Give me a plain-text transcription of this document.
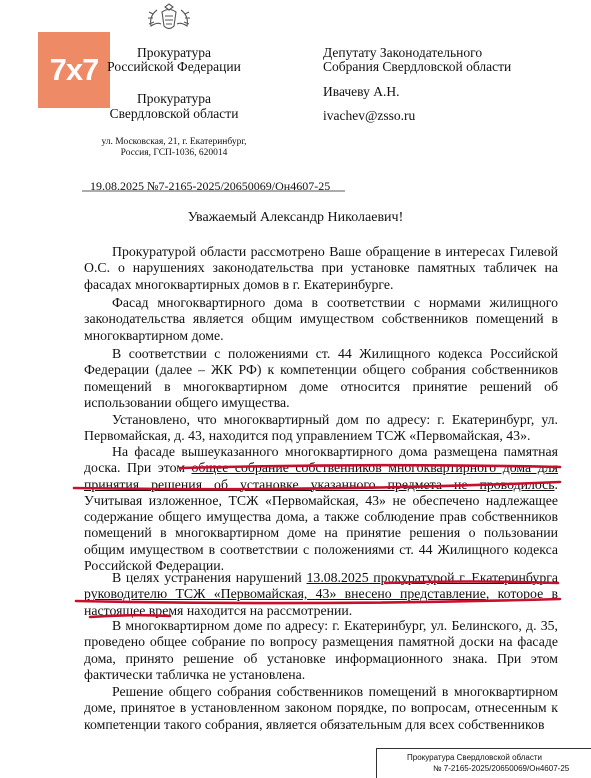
7x7	Прокуратура
Российской Федерации
Прокуратура
Свердловской области
ул. Московская, 21, г. Екатеринбург,
Россия, ГСП-1036, 620014
Депутату Законодательного
Собрания Свердловской области
Ивачеву А.Н.
ivachev@zsso.ru
19.08.2025 №7-2165-2025/20650069/Он4607-25
Уважаемый Александр Николаевич!

Прокуратурой области рассмотрено Ваше обращение в интересах Гилевой О.С. о нарушениях законодательства при установке памятных табличек на фасадах многоквартирных домов в г. Екатеринбурге.

Фасад многоквартирного дома в соответствии с нормами жилищного законодательства является общим имуществом собственников помещений в многоквартирном доме.

В соответствии с положениями ст. 44 Жилищного кодекса Российской Федерации (далее – ЖК РФ) к компетенции общего собрания собственников помещений в многоквартирном доме относится принятие решений об использовании общего имущества.

Установлено, что многоквартирный дом по адресу: г. Екатеринбург, ул. Первомайская, д. 43, находится под управлением ТСЖ «Первомайская, 43».

На фасаде вышеуказанного многоквартирного дома размещена памятная доска. При этом общее собрание собственников многоквартирного дома для принятия решения об установке указанного предмета не проводилось. Учитывая изложенное, ТСЖ «Первомайская, 43» не обеспечено надлежащее содержание общего имущества дома, а также соблюдение прав собственников помещений в многоквартирном доме на принятие решения о пользовании общим имуществом в соответствии с положениями ст. 44 Жилищного кодекса Российской Федерации.

В целях устранения нарушений 13.08.2025 прокуратурой г. Екатеринбурга руководителю ТСЖ «Первомайская, 43» внесено представление, которое в настоящее время находится на рассмотрении.

В многоквартирном доме по адресу: г. Екатеринбург, ул. Белинского, д. 35, проведено общее собрание по вопросу размещения памятной доски на фасаде дома, принято решение об установке информационного знака. При этом фактически табличка не установлена.

Решение общего собрания собственников помещений в многоквартирном доме, принятое в установленном законом порядке, по вопросам, отнесенным к компетенции такого собрания, является обязательным для всех собственников

Прокуратура Свердловской области
№ 7-2165-2025/20650069/Он4607-25
